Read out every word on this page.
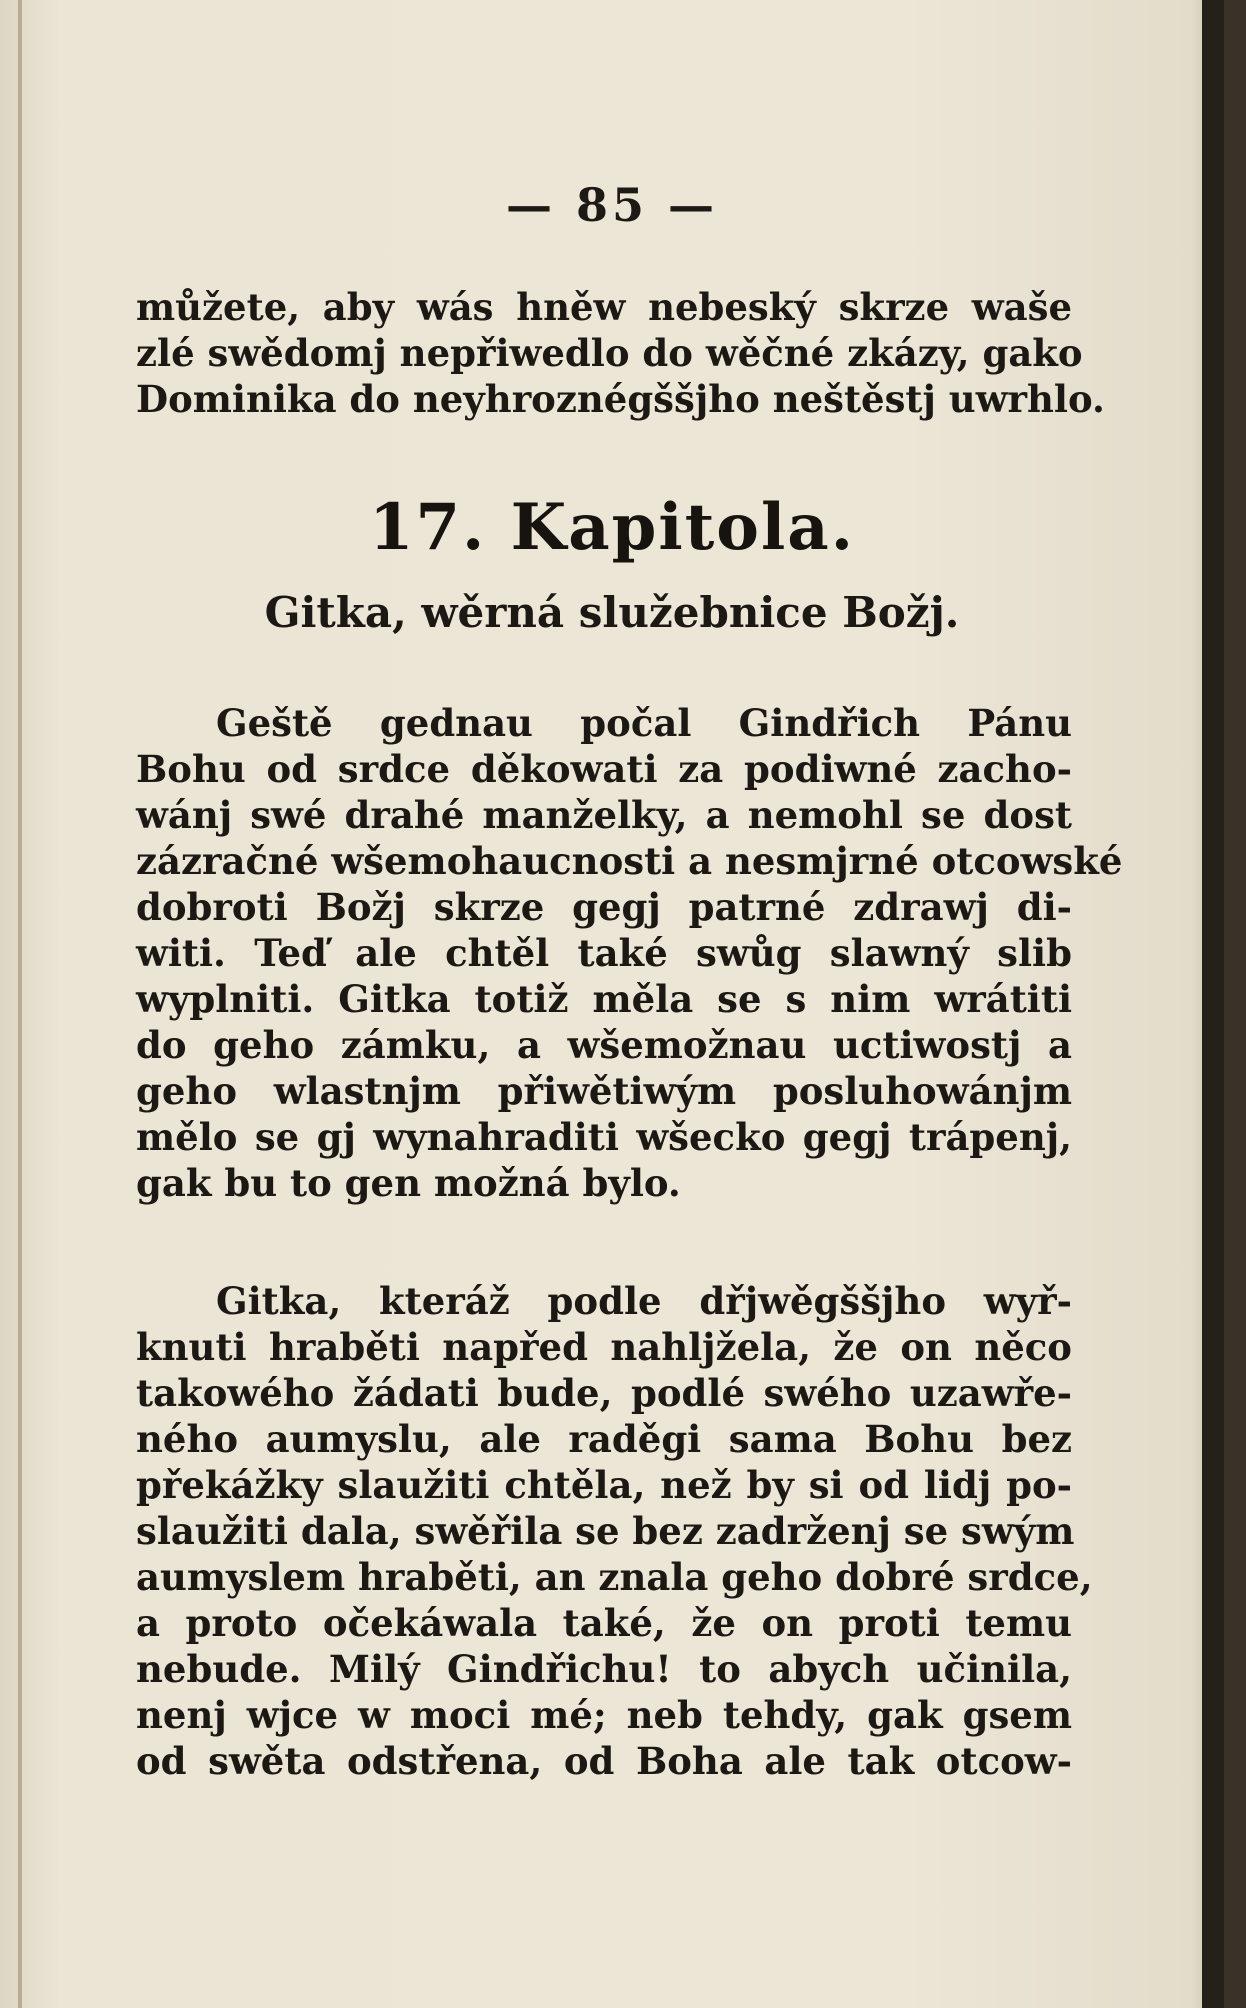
— 85 —
můžete, aby wás hněw nebeský skrze waše
zlé swědomj nepřiwedlo do wěčné zkázy, gako
Dominika do neyhroznégššjho neštěstj uwrhlo.
17. Kapitola.
Gitka, wěrná služebnice Božj.
Geště gednau počal Gindřich Pánu
Bohu od srdce děkowati za podiwné zacho-
wánj swé drahé manželky, a nemohl se dost
zázračné wšemohaucnosti a nesmjrné otcowské
dobroti Božj skrze gegj patrné zdrawj di-
witi. Teď ale chtěl také swůg slawný slib
wyplniti. Gitka totiž měla se s nim wrátiti
do geho zámku, a wšemožnau uctiwostj a
geho wlastnjm přiwětiwým posluhowánjm
mělo se gj wynahraditi wšecko gegj trápenj,
gak bu to gen možná bylo.
Gitka, kteráž podle dřjwěgššjho wyř-
knuti hraběti napřed nahljžela, že on něco
takowého žádati bude, podlé swého uzawře-
ného aumyslu, ale raděgi sama Bohu bez
překážky slaužiti chtěla, než by si od lidj po-
slaužiti dala, swěřila se bez zadrženj se swým
aumyslem hraběti, an znala geho dobré srdce,
a proto očekáwala také, že on proti temu
nebude. Milý Gindřichu! to abych učinila,
nenj wjce w moci mé; neb tehdy, gak gsem
od swěta odstřena, od Boha ale tak otcow-
